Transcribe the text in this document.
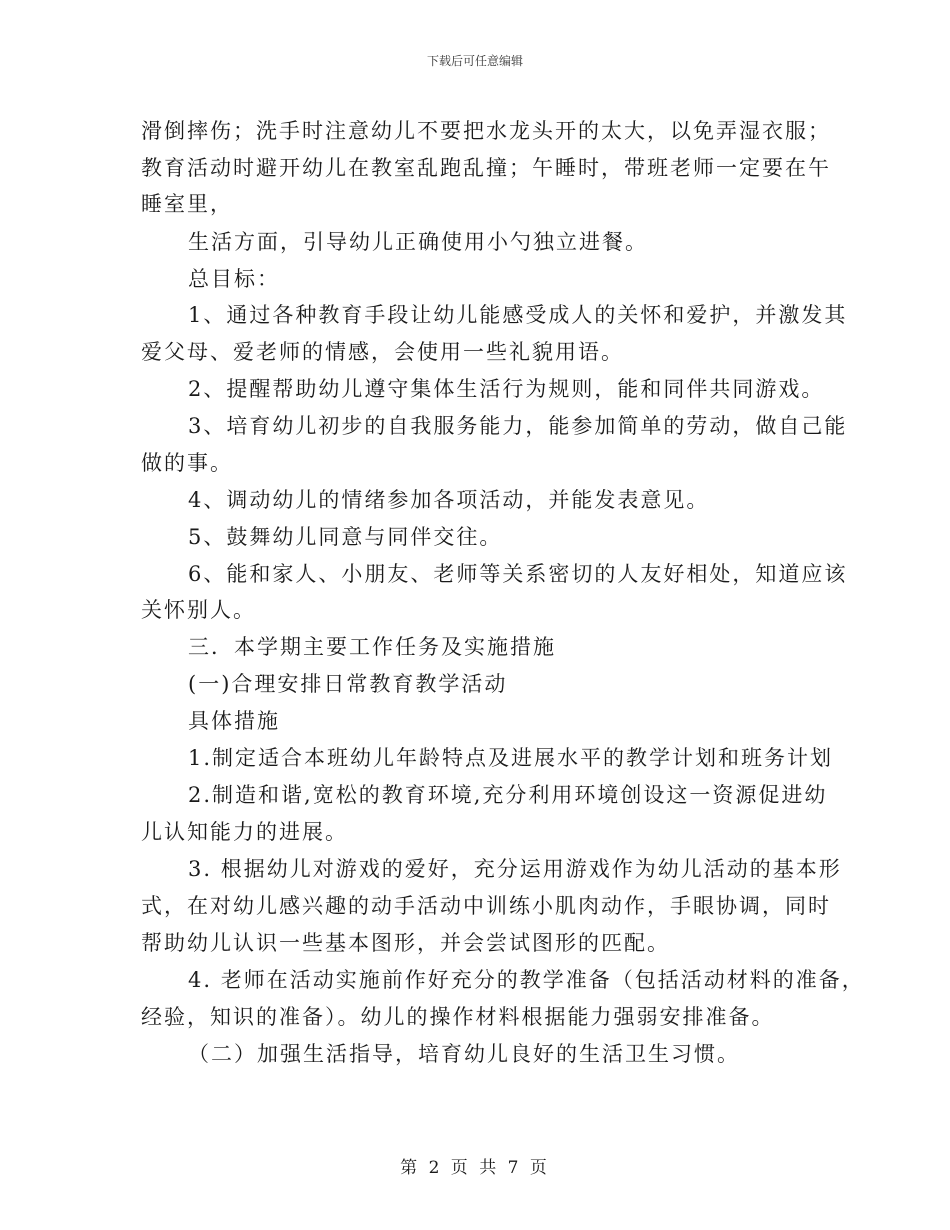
下载后可任意编辑
滑倒摔伤；洗手时注意幼儿不要把水龙头开的太大，以免弄湿衣服；
教育活动时避开幼儿在教室乱跑乱撞；午睡时，带班老师一定要在午
睡室里，
生活方面，引导幼儿正确使用小勺独立进餐。
总目标：
1、通过各种教育手段让幼儿能感受成人的关怀和爱护，并激发其
爱父母、爱老师的情感，会使用一些礼貌用语。
2、提醒帮助幼儿遵守集体生活行为规则，能和同伴共同游戏。
3、培育幼儿初步的自我服务能力，能参加简单的劳动，做自己能
做的事。
4、调动幼儿的情绪参加各项活动，并能发表意见。
5、鼓舞幼儿同意与同伴交往。
6、能和家人、小朋友、老师等关系密切的人友好相处，知道应该
关怀别人。
三．本学期主要工作任务及实施措施
(一)合理安排日常教育教学活动
具体措施
1.制定适合本班幼儿年龄特点及进展水平的教学计划和班务计划
2.制造和谐,宽松的教育环境,充分利用环境创设这一资源促进幼
儿认知能力的进展。
3. 根据幼儿对游戏的爱好，充分运用游戏作为幼儿活动的基本形
式，在对幼儿感兴趣的动手活动中训练小肌肉动作，手眼协调，同时
帮助幼儿认识一些基本图形，并会尝试图形的匹配。
4. 老师在活动实施前作好充分的教学准备（包括活动材料的准备，
经验，知识的准备）。幼儿的操作材料根据能力强弱安排准备。
（二）加强生活指导，培育幼儿良好的生活卫生习惯。
第 2 页 共 7 页
